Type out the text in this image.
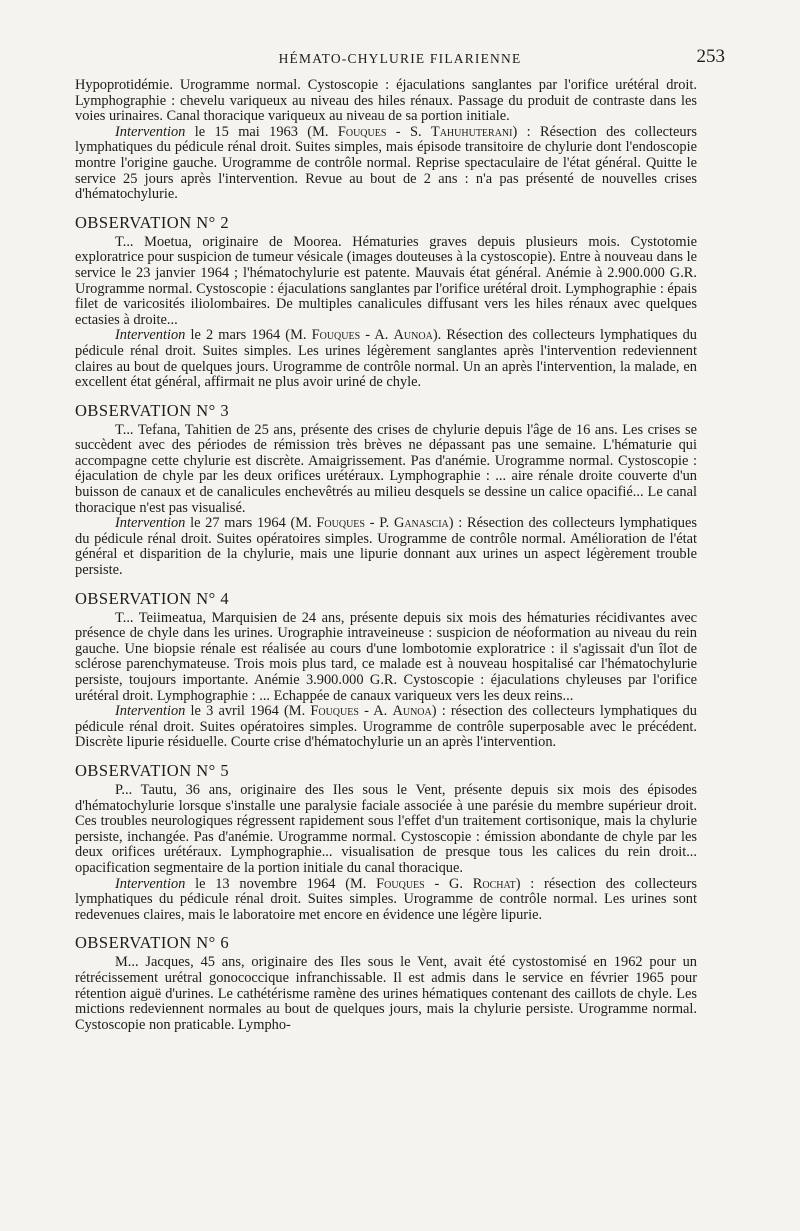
HÉMATO-CHYLURIE FILARIENNE	253

Hypoprotidémie. Urogramme normal. Cystoscopie : éjaculations sanglantes par l'orifice urétéral droit. Lymphographie : chevelu variqueux au niveau des hiles rénaux. Passage du produit de contraste dans les voies urinaires. Canal thoracique variqueux au niveau de sa portion initiale.

Intervention le 15 mai 1963 (M. Fouques - S. Tahuhuterani) : Résection des collecteurs lymphatiques du pédicule rénal droit. Suites simples, mais épisode transitoire de chylurie dont l'endoscopie montre l'origine gauche. Urogramme de contrôle normal. Reprise spectaculaire de l'état général. Quitte le service 25 jours après l'intervention. Revue au bout de 2 ans : n'a pas présenté de nouvelles crises d'hématochylurie.

OBSERVATION N° 2

T... Moetua, originaire de Moorea. Hématuries graves depuis plusieurs mois. Cystotomie exploratrice pour suspicion de tumeur vésicale (images douteuses à la cystoscopie). Entre à nouveau dans le service le 23 janvier 1964 ; l'hématochylurie est patente. Mauvais état général. Anémie à 2.900.000 G.R. Urogramme normal. Cystoscopie : éjaculations sanglantes par l'orifice urétéral droit. Lymphographie : épais filet de varicosités iliolombaires. De multiples canalicules diffusant vers les hiles rénaux avec quelques ectasies à droite...

Intervention le 2 mars 1964 (M. Fouques - A. Aunoa). Résection des collecteurs lymphatiques du pédicule rénal droit. Suites simples. Les urines légèrement sanglantes après l'intervention redeviennent claires au bout de quelques jours. Urogramme de contrôle normal. Un an après l'intervention, la malade, en excellent état général, affirmait ne plus avoir uriné de chyle.

OBSERVATION N° 3

T... Tefana, Tahitien de 25 ans, présente des crises de chylurie depuis l'âge de 16 ans. Les crises se succèdent avec des périodes de rémission très brèves ne dépassant pas une semaine. L'hématurie qui accompagne cette chylurie est discrète. Amaigrissement. Pas d'anémie. Urogramme normal. Cystoscopie : éjaculation de chyle par les deux orifices urétéraux. Lymphographie : ... aire rénale droite couverte d'un buisson de canaux et de canalicules enchevêtrés au milieu desquels se dessine un calice opacifié... Le canal thoracique n'est pas visualisé.

Intervention le 27 mars 1964 (M. Fouques - P. Ganascia) : Résection des collecteurs lymphatiques du pédicule rénal droit. Suites opératoires simples. Urogramme de contrôle normal. Amélioration de l'état général et disparition de la chylurie, mais une lipurie donnant aux urines un aspect légèrement trouble persiste.

OBSERVATION N° 4

T... Teiimeatua, Marquisien de 24 ans, présente depuis six mois des hématuries récidivantes avec présence de chyle dans les urines. Urographie intraveineuse : suspicion de néoformation au niveau du rein gauche. Une biopsie rénale est réalisée au cours d'une lombotomie exploratrice : il s'agissait d'un îlot de sclérose parenchymateuse. Trois mois plus tard, ce malade est à nouveau hospitalisé car l'hématochylurie persiste, toujours importante. Anémie 3.900.000 G.R. Cystoscopie : éjaculations chyleuses par l'orifice urétéral droit. Lymphographie : ... Echappée de canaux variqueux vers les deux reins...

Intervention le 3 avril 1964 (M. Fouques - A. Aunoa) : résection des collecteurs lymphatiques du pédicule rénal droit. Suites opératoires simples. Urogramme de contrôle superposable avec le précédent. Discrète lipurie résiduelle. Courte crise d'hématochylurie un an après l'intervention.

OBSERVATION N° 5

P... Tautu, 36 ans, originaire des Iles sous le Vent, présente depuis six mois des épisodes d'hématochylurie lorsque s'installe une paralysie faciale associée à une parésie du membre supérieur droit. Ces troubles neurologiques régressent rapidement sous l'effet d'un traitement cortisonique, mais la chylurie persiste, inchangée. Pas d'anémie. Urogramme normal. Cystoscopie : émission abondante de chyle par les deux orifices urétéraux. Lymphographie... visualisation de presque tous les calices du rein droit... opacification segmentaire de la portion initiale du canal thoracique.

Intervention le 13 novembre 1964 (M. Fouques - G. Rochat) : résection des collecteurs lymphatiques du pédicule rénal droit. Suites simples. Urogramme de contrôle normal. Les urines sont redevenues claires, mais le laboratoire met encore en évidence une légère lipurie.

OBSERVATION N° 6

M... Jacques, 45 ans, originaire des Iles sous le Vent, avait été cystostomisé en 1962 pour un rétrécissement urétral gonococcique infranchissable. Il est admis dans le service en février 1965 pour rétention aiguë d'urines. Le cathétérisme ramène des urines hématiques contenant des caillots de chyle. Les mictions redeviennent normales au bout de quelques jours, mais la chylurie persiste. Urogramme normal. Cystoscopie non praticable. Lympho-
